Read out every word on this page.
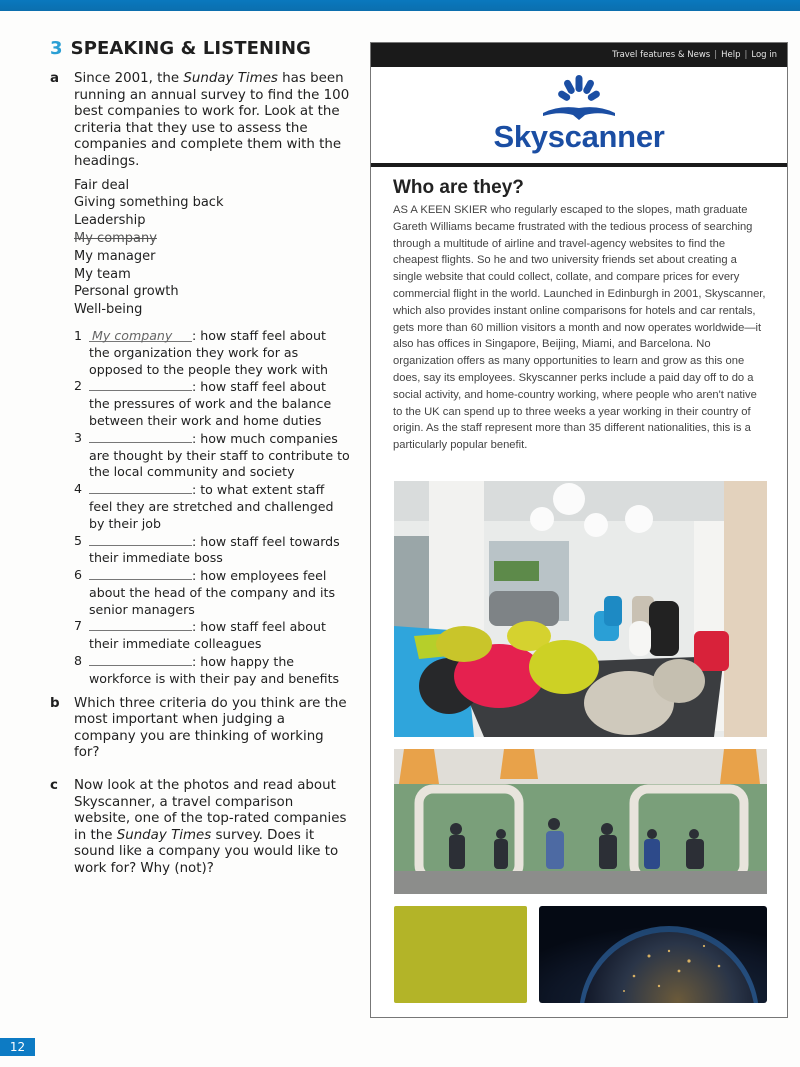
3 SPEAKING & LISTENING
a Since 2001, the Sunday Times has been running an annual survey to find the 100 best companies to work for. Look at the criteria that they use to assess the companies and complete them with the headings.
Fair deal
Giving something back
Leadership
My company
My manager
My team
Personal growth
Well-being
1 My company : how staff feel about the organization they work for as opposed to the people they work with
2	: how staff feel about the pressures of work and the balance between their work and home duties
3	: how much companies are thought by their staff to contribute to the local community and society
4	: to what extent staff feel they are stretched and challenged by their job
5	: how staff feel towards their immediate boss
6	: how employees feel about the head of the company and its senior managers
7	: how staff feel about their immediate colleagues
8	: how happy the workforce is with their pay and benefits
b Which three criteria do you think are the most important when judging a company you are thinking of working for?
c Now look at the photos and read about Skyscanner, a travel comparison website, one of the top-rated companies in the Sunday Times survey. Does it sound like a company you would like to work for? Why (not)?
Travel features & News | Help | Log in
Skyscanner
Who are they?

AS A KEEN SKIER who regularly escaped to the slopes, math graduate Gareth Williams became frustrated with the tedious process of searching through a multitude of airline and travel-agency websites to find the cheapest flights. So he and two university friends set about creating a single website that could collect, collate, and compare prices for every commercial flight in the world. Launched in Edinburgh in 2001, Skyscanner, which also provides instant online comparisons for hotels and car rentals, gets more than 60 million visitors a month and now operates worldwide—it also has offices in Singapore, Beijing, Miami, and Barcelona. No organization offers as many opportunities to learn and grow as this one does, say its employees. Skyscanner perks include a paid day off to do a social activity, and home-country working, where people who aren't native to the UK can spend up to three weeks a year working in their country of origin. As the staff represent more than 35 different nationalities, this is a particularly popular benefit.

12
